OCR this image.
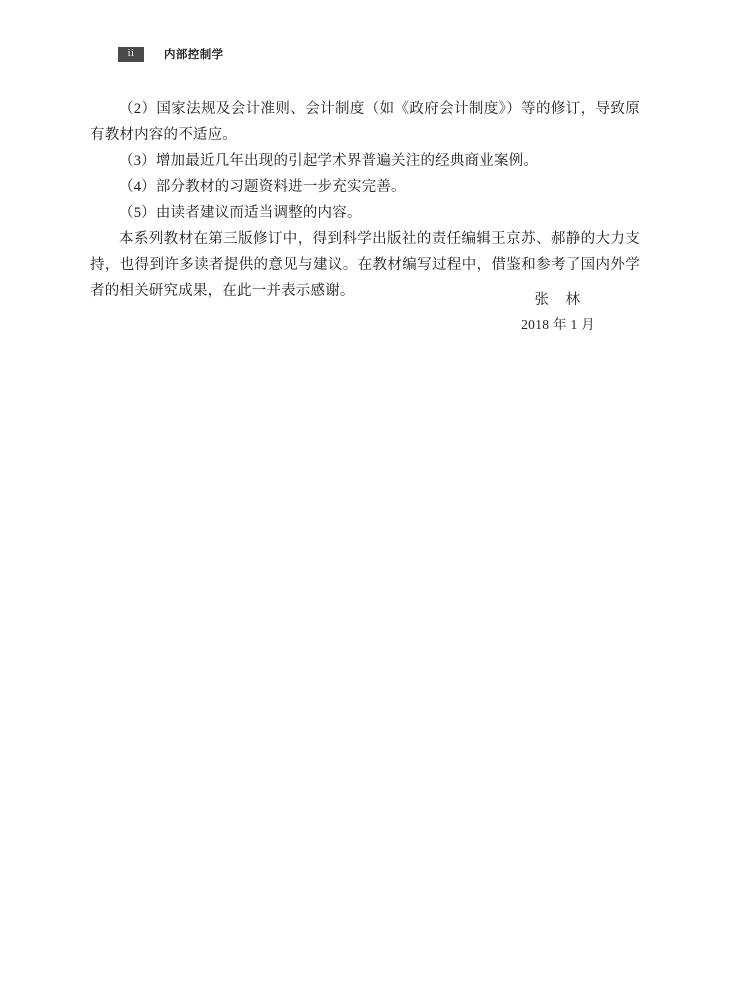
ii	内部控制学

（2）国家法规及会计准则、会计制度（如《政府会计制度》）等的修订，导致原有教材内容的不适应。

（3）增加最近几年出现的引起学术界普遍关注的经典商业案例。

（4）部分教材的习题资料进一步充实完善。

（5）由读者建议而适当调整的内容。

本系列教材在第三版修订中，得到科学出版社的责任编辑王京苏、郝静的大力支持，也得到许多读者提供的意见与建议。在教材编写过程中，借鉴和参考了国内外学者的相关研究成果，在此一并表示感谢。

张　林
2018 年 1 月
